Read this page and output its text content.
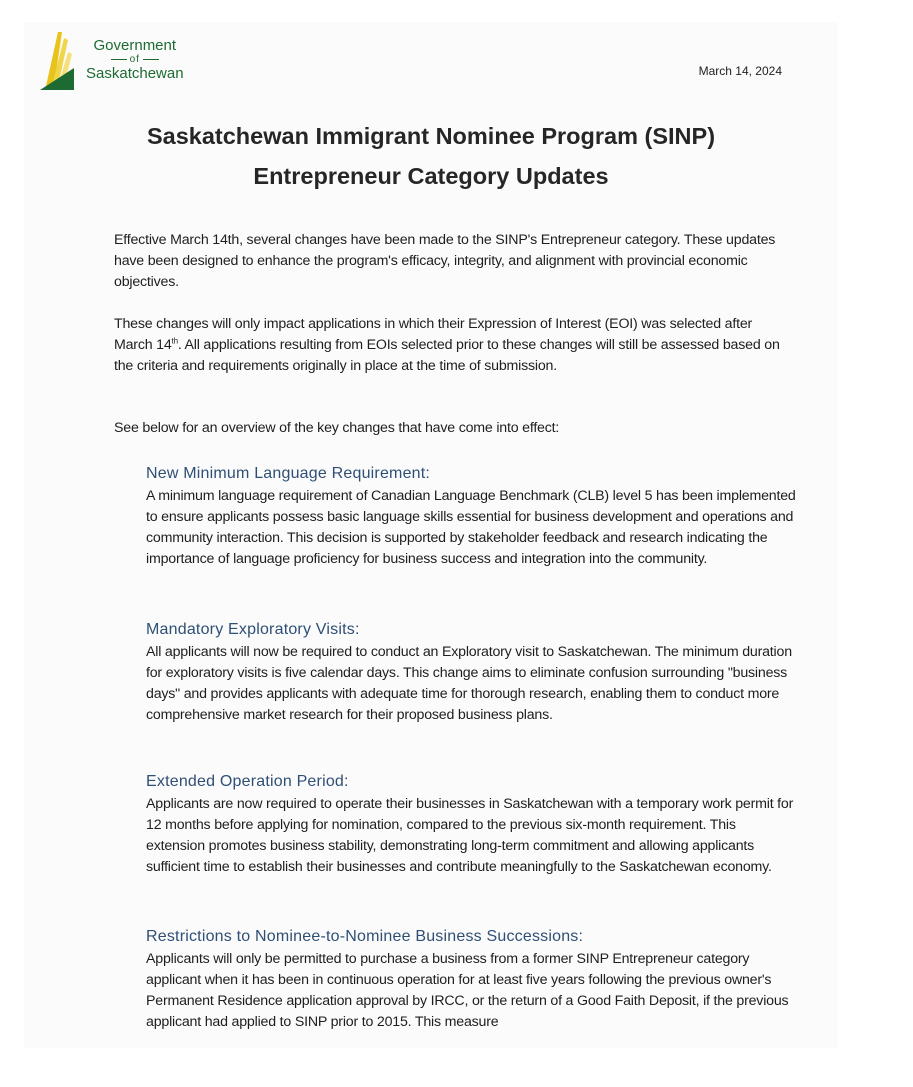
Government
of
Saskatchewan	March 14, 2024
Saskatchewan Immigrant Nominee Program (SINP)
Entrepreneur Category Updates
Effective March 14th, several changes have been made to the SINP's Entrepreneur category. These updates have been designed to enhance the program's efficacy, integrity, and alignment with provincial economic objectives.
These changes will only impact applications in which their Expression of Interest (EOI) was selected after March 14th. All applications resulting from EOIs selected prior to these changes will still be assessed based on the criteria and requirements originally in place at the time of submission.
See below for an overview of the key changes that have come into effect:
New Minimum Language Requirement:

A minimum language requirement of Canadian Language Benchmark (CLB) level 5 has been implemented to ensure applicants possess basic language skills essential for business development and operations and community interaction. This decision is supported by stakeholder feedback and research indicating the importance of language proficiency for business success and integration into the community.

Mandatory Exploratory Visits:

All applicants will now be required to conduct an Exploratory visit to Saskatchewan. The minimum duration for exploratory visits is five calendar days. This change aims to eliminate confusion surrounding "business days" and provides applicants with adequate time for thorough research, enabling them to conduct more comprehensive market research for their proposed business plans.

Extended Operation Period:

Applicants are now required to operate their businesses in Saskatchewan with a temporary work permit for 12 months before applying for nomination, compared to the previous six-month requirement. This extension promotes business stability, demonstrating long-term commitment and allowing applicants sufficient time to establish their businesses and contribute meaningfully to the Saskatchewan economy.

Restrictions to Nominee-to-Nominee Business Successions:

Applicants will only be permitted to purchase a business from a former SINP Entrepreneur category applicant when it has been in continuous operation for at least five years following the previous owner's Permanent Residence application approval by IRCC, or the return of a Good Faith Deposit, if the previous applicant had applied to SINP prior to 2015. This measure
